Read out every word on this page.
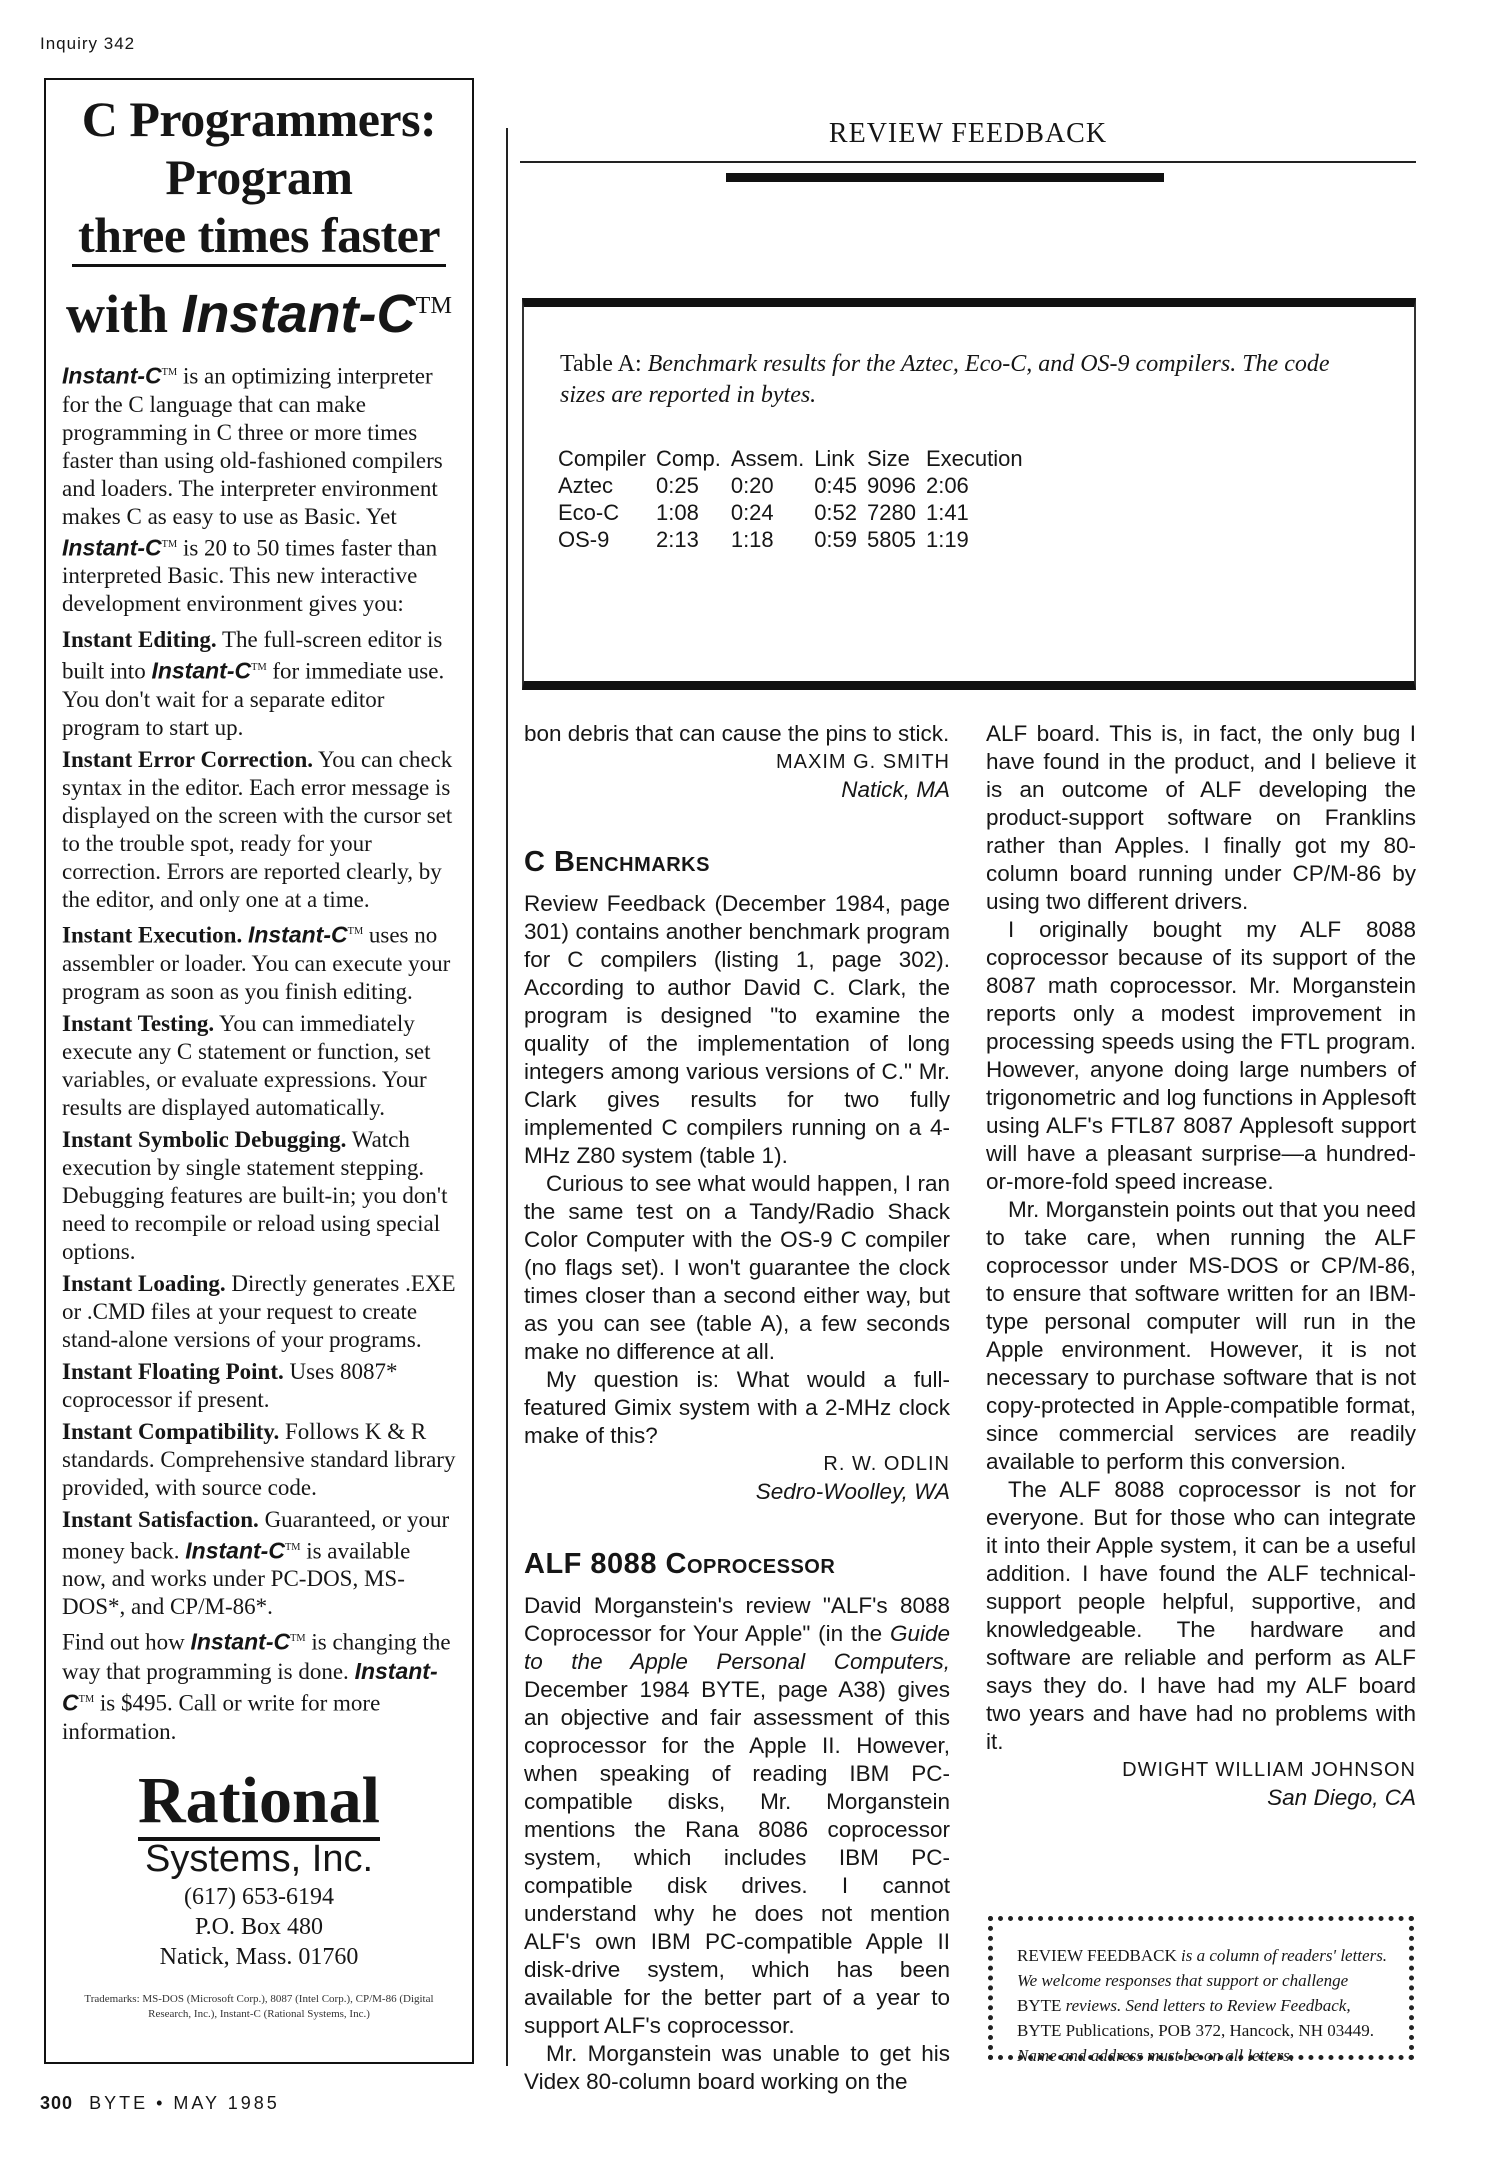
Inquiry 342
C Programmers:
Program
three times faster
with Instant-C™

Instant-C™ is an optimizing interpreter for the C language that can make programming in C three or more times faster than using old-fashioned compilers and loaders. The interpreter environment makes C as easy to use as Basic. Yet Instant-C™ is 20 to 50 times faster than interpreted Basic. This new interactive development environment gives you:

Instant Editing. The full-screen editor is built into Instant-C™ for immediate use. You don't wait for a separate editor program to start up.

Instant Error Correction. You can check syntax in the editor. Each error message is displayed on the screen with the cursor set to the trouble spot, ready for your correction. Errors are reported clearly, by the editor, and only one at a time.

Instant Execution. Instant-C™ uses no assembler or loader. You can execute your program as soon as you finish editing.

Instant Testing. You can immediately execute any C statement or function, set variables, or evaluate expressions. Your results are displayed automatically.

Instant Symbolic Debugging. Watch execution by single statement stepping. Debugging features are built-in; you don't need to recompile or reload using special options.

Instant Loading. Directly generates .EXE or .CMD files at your request to create stand-alone versions of your programs.

Instant Floating Point. Uses 8087* coprocessor if present.

Instant Compatibility. Follows K & R standards. Comprehensive standard library provided, with source code.

Instant Satisfaction. Guaranteed, or your money back. Instant-C™ is available now, and works under PC-DOS, MS-DOS*, and CP/M-86*.

Find out how Instant-C™ is changing the way that programming is done. Instant-C™ is $495. Call or write for more information.

Rational
Systems, Inc.
(617) 653-6194
P.O. Box 480
Natick, Mass. 01760
Trademarks: MS-DOS (Microsoft Corp.), 8087 (Intel Corp.), CP/M-86 (Digital Research, Inc.), Instant-C (Rational Systems, Inc.)
REVIEW FEEDBACK
Table A: Benchmark results for the Aztec, Eco-C, and OS-9 compilers. The code sizes are reported in bytes.
Compiler	Comp.	Assem.	Link	Size	Execution
Aztec	0:25	0:20	0:45	9096	2:06
Eco-C	1:08	0:24	0:52	7280	1:41
OS-9	2:13	1:18	0:59	5805	1:19

bon debris that can cause the pins to stick.

MAXIM G. SMITH

Natick, MA

C Benchmarks

Review Feedback (December 1984, page 301) contains another benchmark program for C compilers (listing 1, page 302). According to author David C. Clark, the program is designed "to examine the quality of the implementation of long integers among various versions of C." Mr. Clark gives results for two fully implemented C compilers running on a 4-MHz Z80 system (table 1).

Curious to see what would happen, I ran the same test on a Tandy/Radio Shack Color Computer with the OS-9 C compiler (no flags set). I won't guarantee the clock times closer than a second either way, but as you can see (table A), a few seconds make no difference at all.

My question is: What would a full-featured Gimix system with a 2-MHz clock make of this?

R. W. ODLIN

Sedro-Woolley, WA

ALF 8088 Coprocessor

David Morganstein's review "ALF's 8088 Coprocessor for Your Apple" (in the Guide to the Apple Personal Computers, December 1984 BYTE, page A38) gives an objective and fair assessment of this coprocessor for the Apple II. However, when speaking of reading IBM PC-compatible disks, Mr. Morganstein mentions the Rana 8086 coprocessor system, which includes IBM PC-compatible disk drives. I cannot understand why he does not mention ALF's own IBM PC-compatible Apple II disk-drive system, which has been available for the better part of a year to support ALF's coprocessor.

Mr. Morganstein was unable to get his Videx 80-column board working on the

ALF board. This is, in fact, the only bug I have found in the product, and I believe it is an outcome of ALF developing the product-support software on Franklins rather than Apples. I finally got my 80-column board running under CP/M-86 by using two different drivers.

I originally bought my ALF 8088 coprocessor because of its support of the 8087 math coprocessor. Mr. Morganstein reports only a modest improvement in processing speeds using the FTL program. However, anyone doing large numbers of trigonometric and log functions in Applesoft using ALF's FTL87 8087 Applesoft support will have a pleasant surprise—a hundred-or-more-fold speed increase.

Mr. Morganstein points out that you need to take care, when running the ALF coprocessor under MS-DOS or CP/M-86, to ensure that software written for an IBM-type personal computer will run in the Apple environment. However, it is not necessary to purchase software that is not copy-protected in Apple-compatible format, since commercial services are readily available to perform this conversion.

The ALF 8088 coprocessor is not for everyone. But for those who can integrate it into their Apple system, it can be a useful addition. I have found the ALF technical-support people helpful, supportive, and knowledgeable. The hardware and software are reliable and perform as ALF says they do. I have had my ALF board two years and have had no problems with it.

DWIGHT WILLIAM JOHNSON

San Diego, CA

REVIEW FEEDBACK is a column of readers' letters. We welcome responses that support or challenge BYTE reviews. Send letters to Review Feedback, BYTE Publications, POB 372, Hancock, NH 03449. Name and address must be on all letters.
300 BYTE • MAY 1985
